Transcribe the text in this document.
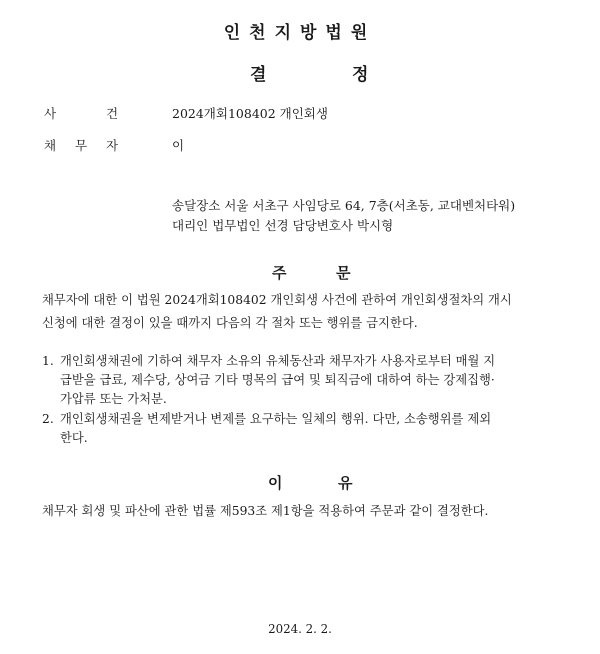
인천지방법원
결	정
사	건	2024개회108402 개인회생
채 무 자	이
송달장소 서울 서초구 사임당로 64, 7층(서초동, 교대벤처타워)
대리인 법무법인 선경 담당변호사 박시형
주	문
채무자에 대한 이 법원 2024개회108402 개인회생 사건에 관하여 개인회생절차의 개시
신청에 대한 결정이 있을 때까지 다음의 각 절차 또는 행위를 금지한다.
1. 개인회생채권에 기하여 채무자 소유의 유체동산과 채무자가 사용자로부터 매월 지
급받을 급료, 제수당, 상여금 기타 명목의 급여 및 퇴직금에 대하여 하는 강제집행·
가압류 또는 가처분.
2. 개인회생채권을 변제받거나 변제를 요구하는 일체의 행위. 다만, 소송행위를 제외
한다.
이	유
채무자 회생 및 파산에 관한 법률 제593조 제1항을 적용하여 주문과 같이 결정한다.
2024. 2. 2.
